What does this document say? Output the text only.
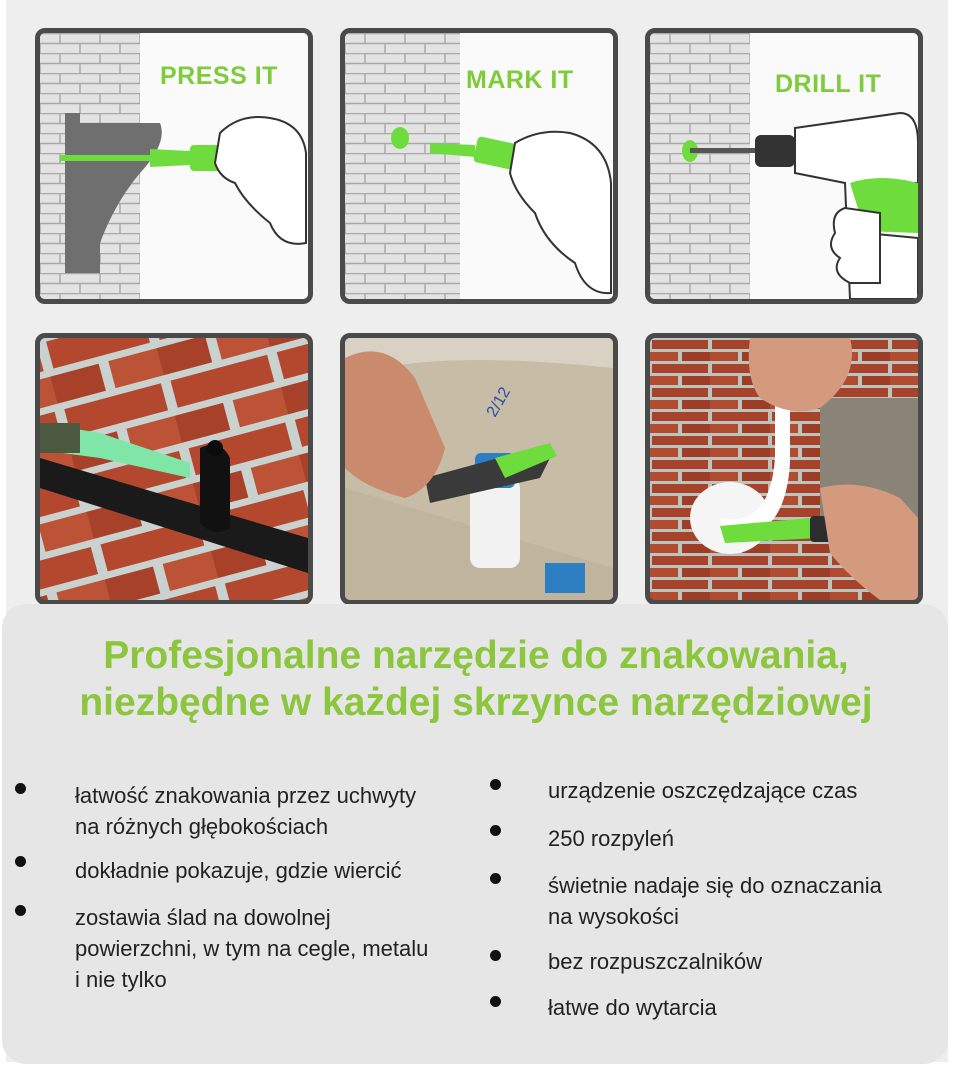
PRESS IT	MARK IT	DRILL IT

2/12
Profesjonalne narzędzie do znakowania,
niezbędne w każdej skrzynce narzędziowej
łatwość znakowania przez uchwyty
na różnych głębokościach
dokładnie pokazuje, gdzie wiercić
zostawia ślad na dowolnej
powierzchni, w tym na cegle, metalu
i nie tylko
urządzenie oszczędzające czas
250 rozpyleń
świetnie nadaje się do oznaczania
na wysokości
bez rozpuszczalników
łatwe do wytarcia
